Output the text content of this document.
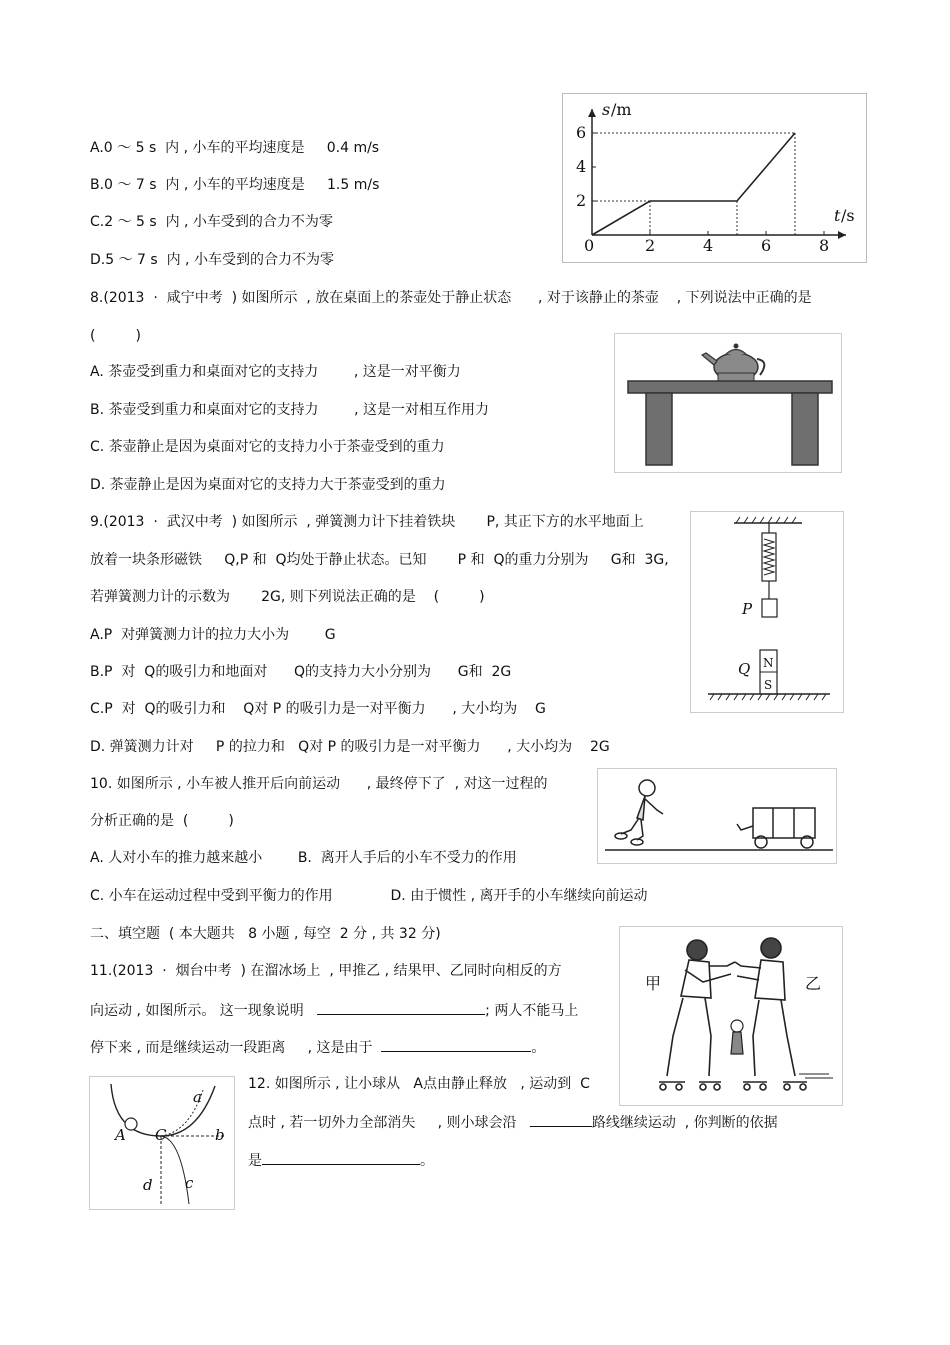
A.0 ～ 5 s  内 , 小车的平均速度是     0.4 m/s
B.0 ～ 7 s  内 , 小车的平均速度是     1.5 m/s
C.2 ～ 5 s  内 , 小车受到的合力不为零
D.5 ～ 7 s  内 , 小车受到的合力不为零
0	2	4	6	8
2
4
6
s /m
t /s
8.(2013  ·  咸宁中考  ) 如图所示  , 放在桌面上的茶壶处于静止状态      , 对于该静止的茶壶    , 下列说法中正确的是
(         )
A. 茶壶受到重力和桌面对它的支持力        , 这是一对平衡力
B. 茶壶受到重力和桌面对它的支持力        , 这是一对相互作用力
C. 茶壶静止是因为桌面对它的支持力小于茶壶受到的重力
D. 茶壶静止是因为桌面对它的支持力大于茶壶受到的重力
9.(2013  ·  武汉中考  ) 如图所示  , 弹簧测力计下挂着铁块       P, 其正下方的水平地面上
放着一块条形磁铁     Q,P 和  Q均处于静止状态。已知       P 和  Q的重力分别为     G和  3G,
若弹簧测力计的示数为       2G, 则下列说法正确的是    (         )
A.P  对弹簧测力计的拉力大小为        G
B.P  对  Q的吸引力和地面对      Q的支持力大小分别为      G和  2G
C.P  对  Q的吸引力和    Q对 P 的吸引力是一对平衡力      , 大小均为    G
D. 弹簧测力计对     P 的拉力和   Q对 P 的吸引力是一对平衡力      , 大小均为    2G
P
N
S
Q
10. 如图所示 , 小车被人推开后向前运动      , 最终停下了  , 对这一过程的
分析正确的是  (         )
A. 人对小车的推力越来越小        B.  离开人手后的小车不受力的作用
C. 小车在运动过程中受到平衡力的作用             D. 由于惯性 , 离开手的小车继续向前运动
二、填空题  ( 本大题共   8 小题 , 每空  2 分 , 共 32 分)
11.(2013  ·  烟台中考  ) 在溜冰场上  , 甲推乙 , 结果甲、乙同时向相反的方
向运动 , 如图所示。 这一现象说明	; 两人不能马上
停下来 , 而是继续运动一段距离     , 这是由于	。
甲	乙
12. 如图所示 , 让小球从   A点由静止释放   , 运动到  C
点时 , 若一切外力全部消失     , 则小球会沿	路线继续运动  , 你判断的依据
是	。
A C
a
b
c
d
